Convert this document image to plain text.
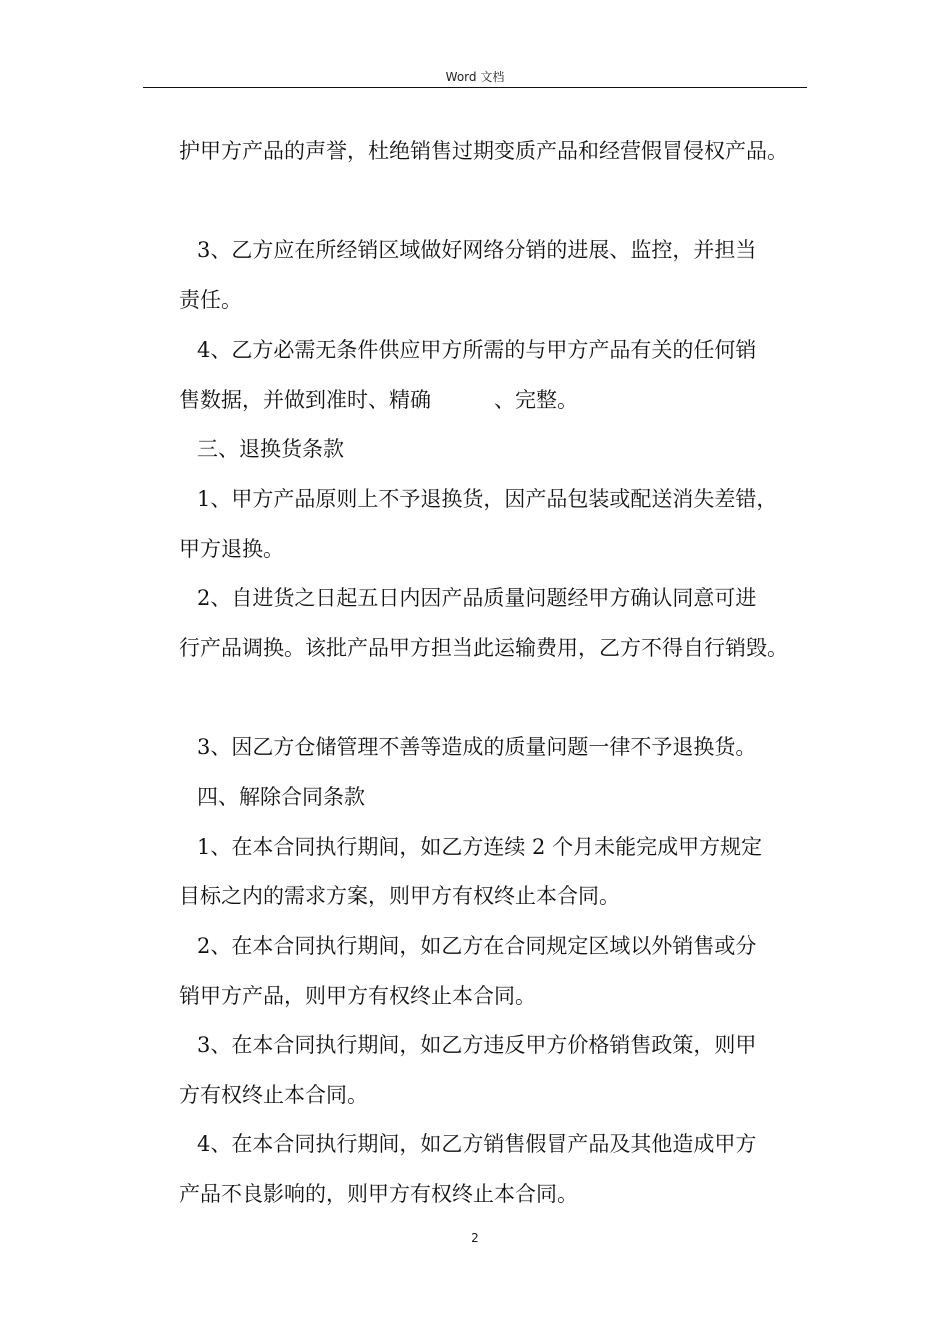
Word 文档
护甲方产品的声誉，杜绝销售过期变质产品和经营假冒侵权产品。
3、乙方应在所经销区域做好网络分销的进展、监控，并担当
责任。
4、乙方必需无条件供应甲方所需的与甲方产品有关的任何销
售数据，并做到准时、精确　　　、完整。
三、退换货条款
1、甲方产品原则上不予退换货，因产品包装或配送消失差错，
甲方退换。
2、自进货之日起五日内因产品质量问题经甲方确认同意可进
行产品调换。该批产品甲方担当此运输费用，乙方不得自行销毁。
3、因乙方仓储管理不善等造成的质量问题一律不予退换货。
四、解除合同条款
1、在本合同执行期间，如乙方连续 2 个月未能完成甲方规定
目标之内的需求方案，则甲方有权终止本合同。
2、在本合同执行期间，如乙方在合同规定区域以外销售或分
销甲方产品，则甲方有权终止本合同。
3、在本合同执行期间，如乙方违反甲方价格销售政策，则甲
方有权终止本合同。
4、在本合同执行期间，如乙方销售假冒产品及其他造成甲方
产品不良影响的，则甲方有权终止本合同。
2
